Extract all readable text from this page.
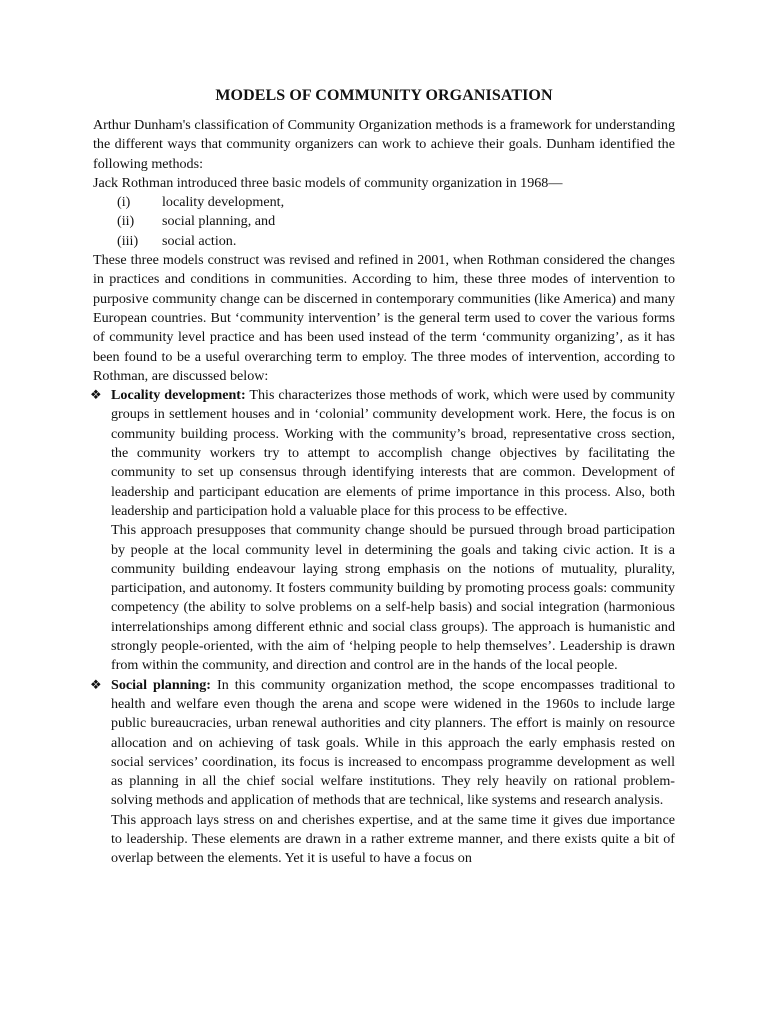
MODELS OF COMMUNITY ORGANISATION

Arthur Dunham's classification of Community Organization methods is a framework for understanding the different ways that community organizers can work to achieve their goals. Dunham identified the following methods:

Jack Rothman introduced three basic models of community organization in 1968—

(i)	locality development,
(ii)	social planning, and
(iii)	social action.

These three models construct was revised and refined in 2001, when Rothman considered the changes in practices and conditions in communities. According to him, these three modes of intervention to purposive community change can be discerned in contemporary communities (like America) and many European countries. But ‘community intervention’ is the general term used to cover the various forms of community level practice and has been used instead of the term ‘community organizing’, as it has been found to be a useful overarching term to employ. The three modes of intervention, according to Rothman, are discussed below:

❖ Locality development: This characterizes those methods of work, which were used by community groups in settlement houses and in ‘colonial’ community development work. Here, the focus is on community building process. Working with the community’s broad, representative cross section, the community workers try to attempt to accomplish change objectives by facilitating the community to set up consensus through identifying interests that are common. Development of leadership and participant education are elements of prime importance in this process. Also, both leadership and participation hold a valuable place for this process to be effective.

This approach presupposes that community change should be pursued through broad participation by people at the local community level in determining the goals and taking civic action. It is a community building endeavour laying strong emphasis on the notions of mutuality, plurality, participation, and autonomy. It fosters community building by promoting process goals: community competency (the ability to solve problems on a self-help basis) and social integration (harmonious interrelationships among different ethnic and social class groups). The approach is humanistic and strongly people-oriented, with the aim of ‘helping people to help themselves’. Leadership is drawn from within the community, and direction and control are in the hands of the local people.

❖ Social planning: In this community organization method, the scope encompasses traditional to health and welfare even though the arena and scope were widened in the 1960s to include large public bureaucracies, urban renewal authorities and city planners. The effort is mainly on resource allocation and on achieving of task goals. While in this approach the early emphasis rested on social services’ coordination, its focus is increased to encompass programme development as well as planning in all the chief social welfare institutions. They rely heavily on rational problem-solving methods and application of methods that are technical, like systems and research analysis.

This approach lays stress on and cherishes expertise, and at the same time it gives due importance to leadership. These elements are drawn in a rather extreme manner, and there exists quite a bit of overlap between the elements. Yet it is useful to have a focus on
